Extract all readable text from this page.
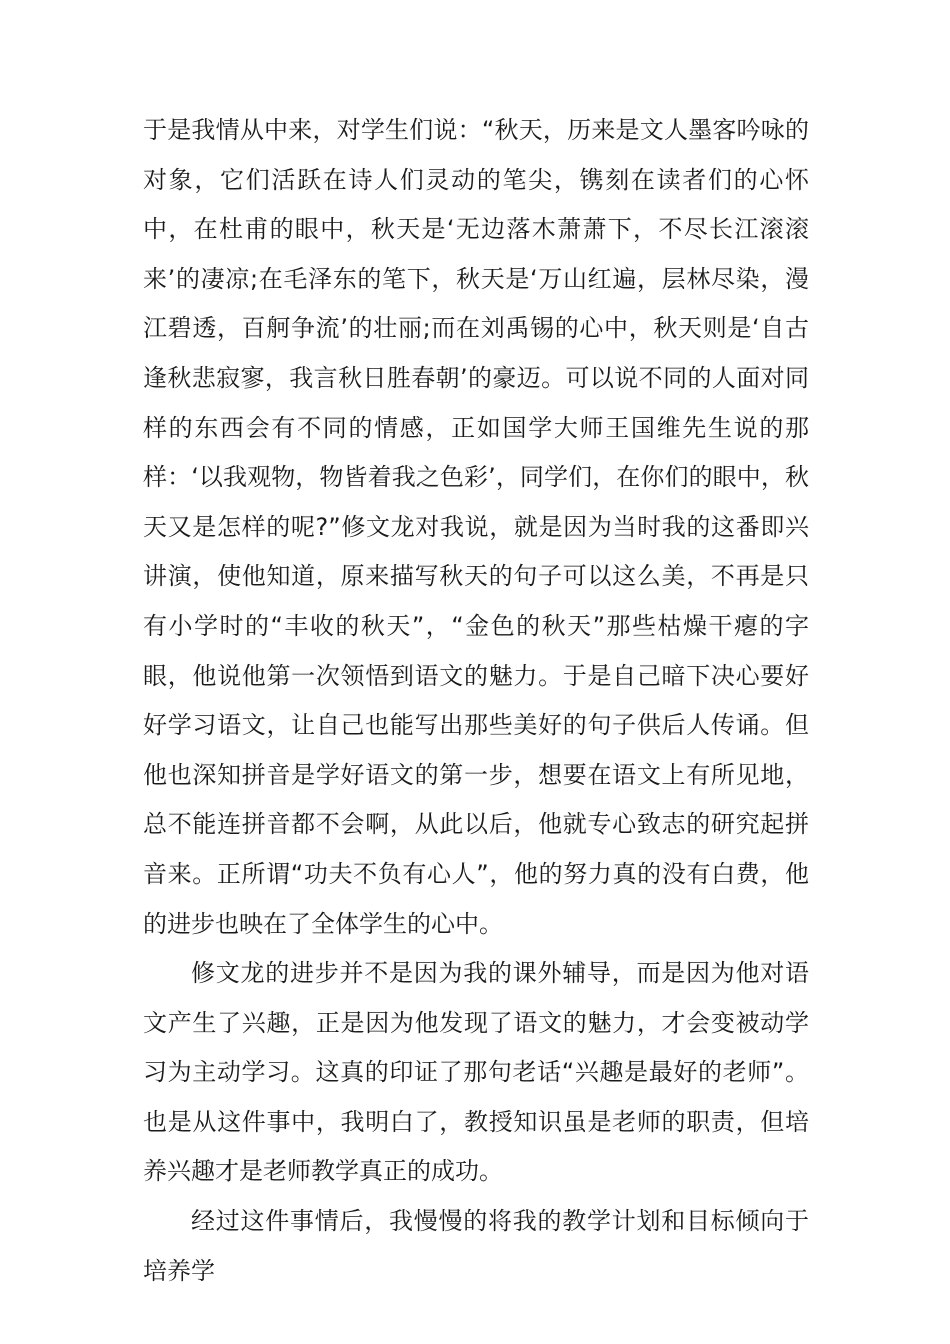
于是我情从中来，对学生们说：“秋天，历来是文人墨客吟咏的对象，它们活跃在诗人们灵动的笔尖，镌刻在读者们的心怀中，在杜甫的眼中，秋天是‘无边落木萧萧下，不尽长江滚滚来’的凄凉;在毛泽东的笔下，秋天是‘万山红遍，层林尽染，漫江碧透，百舸争流’的壮丽;而在刘禹锡的心中，秋天则是‘自古逢秋悲寂寥，我言秋日胜春朝’的豪迈。可以说不同的人面对同样的东西会有不同的情感，正如国学大师王国维先生说的那样：‘以我观物，物皆着我之色彩’，同学们，在你们的眼中，秋天又是怎样的呢?”修文龙对我说，就是因为当时我的这番即兴讲演，使他知道，原来描写秋天的句子可以这么美，不再是只有小学时的“丰收的秋天”，“金色的秋天”那些枯燥干瘪的字眼，他说他第一次领悟到语文的魅力。于是自己暗下决心要好好学习语文，让自己也能写出那些美好的句子供后人传诵。但他也深知拼音是学好语文的第一步，想要在语文上有所见地，总不能连拼音都不会啊，从此以后，他就专心致志的研究起拼音来。正所谓“功夫不负有心人”，他的努力真的没有白费，他的进步也映在了全体学生的心中。

修文龙的进步并不是因为我的课外辅导，而是因为他对语文产生了兴趣，正是因为他发现了语文的魅力，才会变被动学习为主动学习。这真的印证了那句老话“兴趣是最好的老师”。也是从这件事中，我明白了，教授知识虽是老师的职责，但培养兴趣才是老师教学真正的成功。

经过这件事情后，我慢慢的将我的教学计划和目标倾向于培养学
